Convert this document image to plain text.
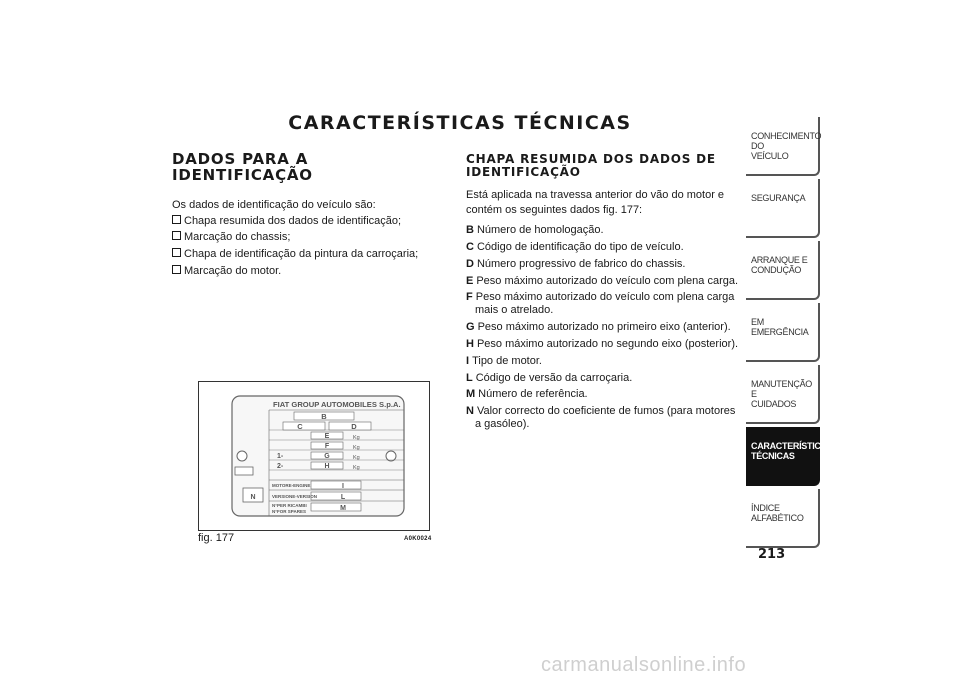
CARACTERÍSTICAS TÉCNICAS
DADOS PARA A IDENTIFICAÇÃO

Os dados de identificação do veículo são:

Chapa resumida dos dados de identificação;
Marcação do chassis;
Chapa de identificação da pintura da carroçaria;
Marcação do motor.
CHAPA RESUMIDA DOS DADOS DE IDENTIFICAÇÃO

Está aplicada na travessa anterior do vão do motor e contém os seguintes dados fig. 177:

B Número de homologação.
C Código de identificação do tipo de veículo.
D Número progressivo de fabrico do chassis.
E Peso máximo autorizado do veículo com plena carga.
F Peso máximo autorizado do veículo com plena carga mais o atrelado.
G Peso máximo autorizado no primeiro eixo (anterior).
H Peso máximo autorizado no segundo eixo (posterior).
I Tipo de motor.
L Código de versão da carroçaria.
M Número de referência.
N Valor correcto do coeficiente de fumos (para motores a gasóleo).
FIAT GROUP AUTOMOBILES S.p.A.
B
C	D
E
F
G
H
Kg
Kg
Kg
Kg
1-
2-
MOTORE-ENGINE	I
VERSIONE-VERSION	L
N°PER RICAMBI
N°FOR SPARES	M
N
fig. 177	A0K0024
CONHECIMENTO DO
VEÍCULO
SEGURANÇA

ARRANQUE E
CONDUÇÃO
EM EMERGÊNCIA

MANUTENÇÃO E
CUIDADOS
CARACTERÍSTICAS
TÉCNICAS
ÍNDICE ALFABÉTICO

213
carmanualsonline.info
